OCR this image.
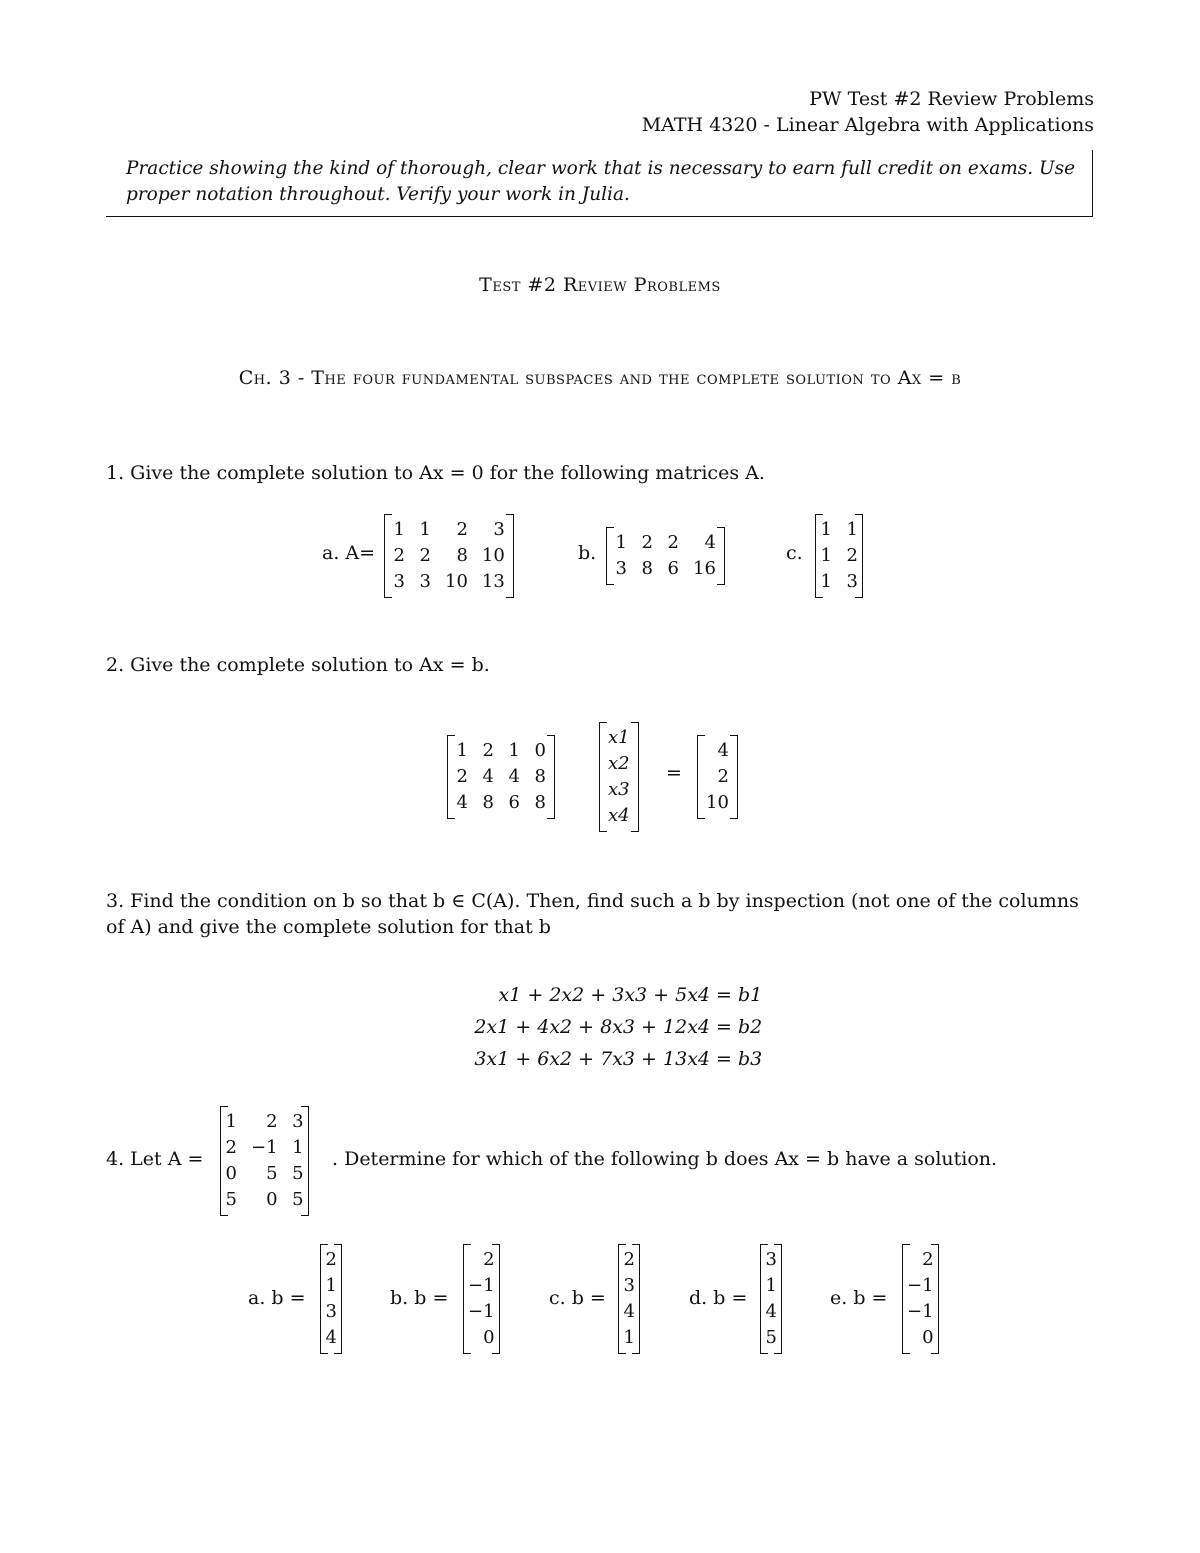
PW Test #2 Review Problems
MATH 4320 - Linear Algebra with Applications
Practice showing the kind of thorough, clear work that is necessary to earn full credit on exams. Use proper notation throughout. Verify your work in Julia.
Test #2 Review Problems
Ch. 3 - The four fundamental subspaces and the complete solution to Ax = b
1. Give the complete solution to Ax = 0 for the following matrices A.
a. A=
1 1	2	3
2 2	8 10
3 3 10 13
b. 1 2 2	4
3 8 6 16
c.
1 1
1 2
1 3
2. Give the complete solution to Ax = b.
1 2 1 0
2 4 4 8
4 8 6 8
x1
x2
x3
x4
=
4
2
10
3. Find the condition on b so that b ∈ C(A). Then, find such a b by inspection (not one of the columns of A) and give the complete solution for that b
x1 + 2x2 + 3x3 + 5x4 = b1
2x1 + 4x2 + 8x3 + 12x4 = b2
3x1 + 6x2 + 7x3 + 13x4 = b3
4. Let A =
1	2 3
2 −1 1
0	5 5
5	0 5
. Determine for which of the following b does Ax = b have a solution.
a. b =
2
1
3
4
b. b =
2
−1
−1
0
c. b =
2
3
4
1
d. b =
3
1
4
5
e. b =
2
−1
−1
0
